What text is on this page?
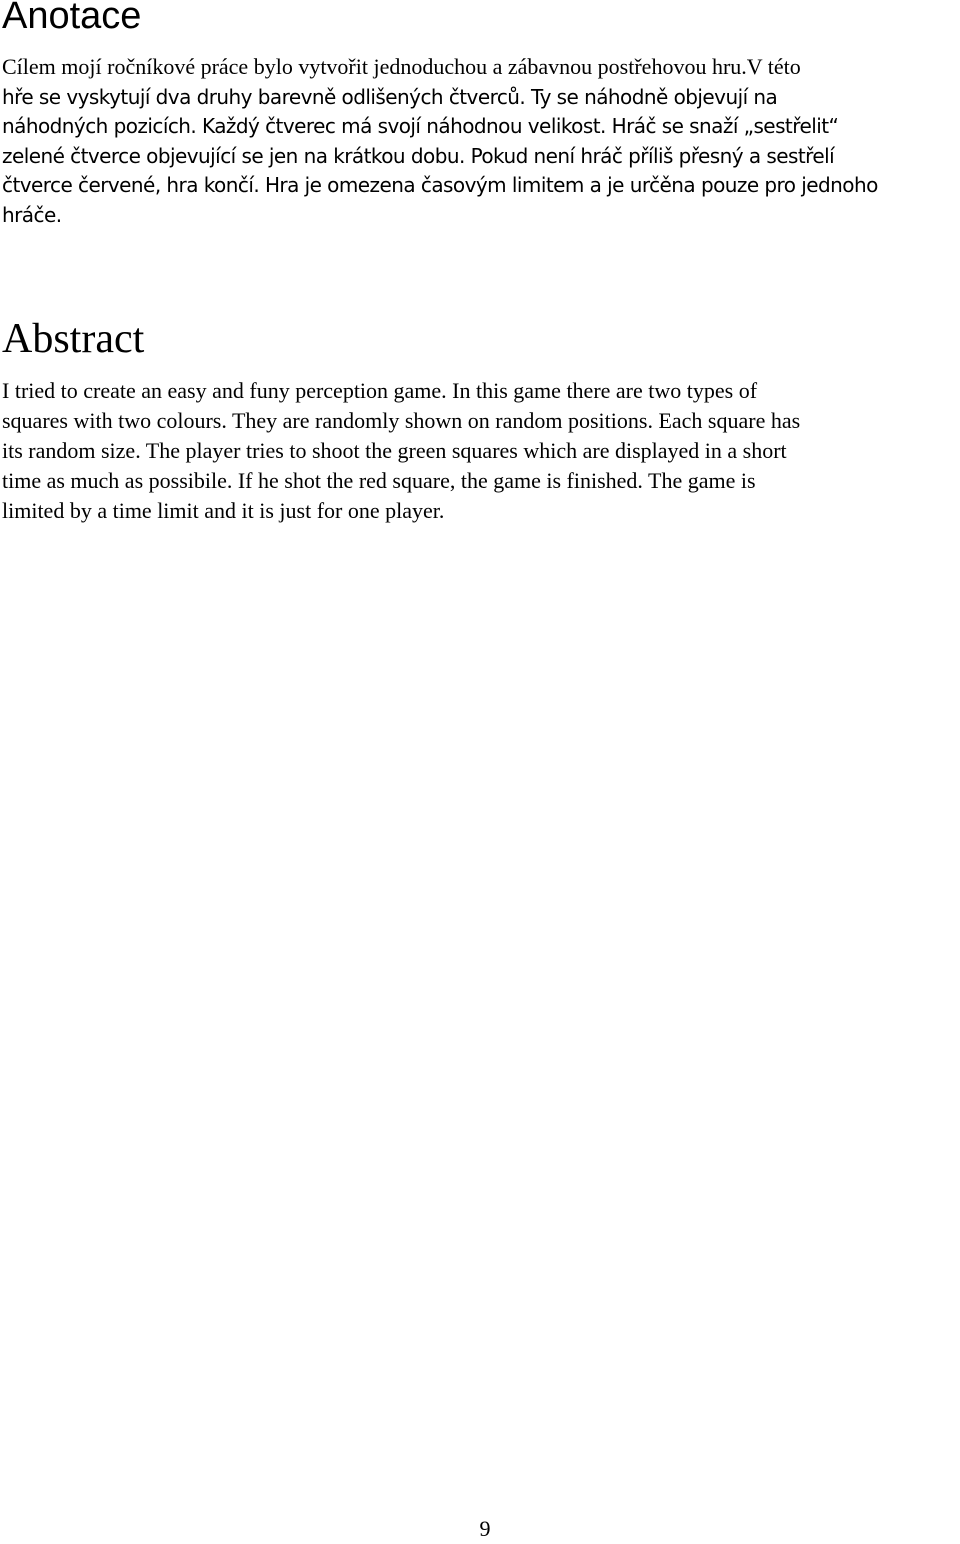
Anotace

Cílem mojí ročníkové práce bylo vytvořit jednoduchou a zábavnou postřehovou hru.V této
hře se vyskytují dva druhy barevně odlišených čtverců. Ty se náhodně objevují na
náhodných pozicích. Každý čtverec má svojí náhodnou velikost. Hráč se snaží „sestřelit“
zelené čtverce objevující se jen na krátkou dobu. Pokud není hráč příliš přesný a sestřelí
čtverce červené, hra končí. Hra je omezena časovým limitem a je určěna pouze pro jednoho
hráče.

Abstract

I tried to create an easy and funy perception game. In this game there are two types of
squares with two colours. They are randomly shown on random positions. Each square has
its random size. The player tries to shoot the green squares which are displayed in a short
time as much as possibile. If he shot the red square, the game is finished. The game is
limited by a time limit and it is just for one player.

9
